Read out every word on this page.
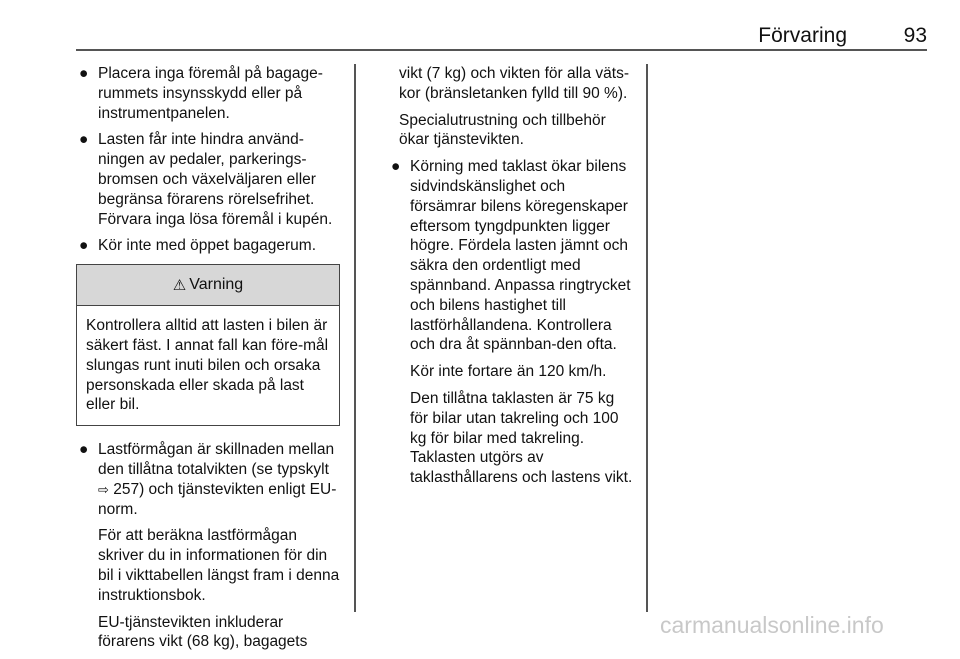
Förvaring	93
● Placera inga föremål på bagage-rummets insynsskydd eller på instrumentpanelen.

● Lasten får inte hindra använd-ningen av pedaler, parkerings-bromsen och växelväljaren eller begränsa förarens rörelsefrihet. Förvara inga lösa föremål i kupén.

● Kör inte med öppet bagagerum.

⚠ Varning
Kontrollera alltid att lasten i bilen är säkert fäst. I annat fall kan före-mål slungas runt inuti bilen och orsaka personskada eller skada på last eller bil.
● Lastförmågan är skillnaden mellan den tillåtna totalvikten (se typskylt ⇨ 257) och tjänstevikten enligt EU-norm.

För att beräkna lastförmågan skriver du in informationen för din bil i vikttabellen längst fram i denna instruktionsbok.

EU-tjänstevikten inkluderar förarens vikt (68 kg), bagagets

vikt (7 kg) och vikten för alla väts-kor (bränsletanken fylld till 90 %).

Specialutrustning och tillbehör ökar tjänstevikten.

● Körning med taklast ökar bilens sidvindskänslighet och försämrar bilens köregenskaper eftersom tyngdpunkten ligger högre. Fördela lasten jämnt och säkra den ordentligt med spännband. Anpassa ringtrycket och bilens hastighet till lastförhållandena. Kontrollera och dra åt spännban-den ofta.

Kör inte fortare än 120 km/h.

Den tillåtna taklasten är 75 kg för bilar utan takreling och 100 kg för bilar med takreling. Taklasten utgörs av taklasthållarens och lastens vikt.

carmanualsonline.info
